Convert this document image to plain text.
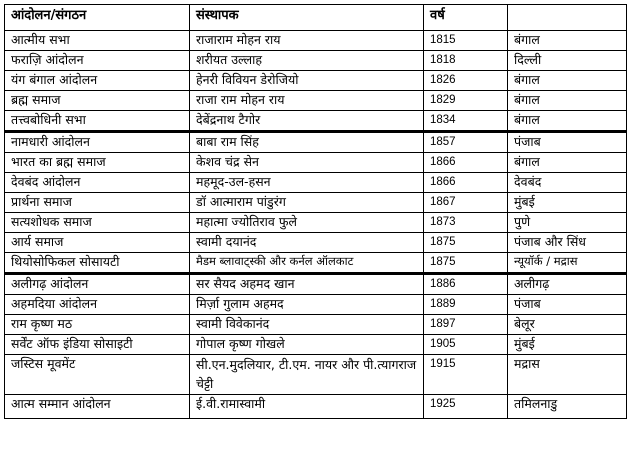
आंदोलन/संगठन	संस्थापक	वर्ष	
आत्मीय सभा	राजाराम मोहन राय	1815	बंगाल
फराज़ि आंदोलन	शरीयत उल्लाह	1818	दिल्ली
यंग बंगाल आंदोलन	हेनरी विवियन डेरोजियो	1826	बंगाल
ब्रह्म समाज	राजा राम मोहन राय	1829	बंगाल
तत्त्वबोधिनी सभा	देबेंद्रनाथ टैगोर	1834	बंगाल
नामधारी आंदोलन	बाबा राम सिंह	1857	पंजाब
भारत का ब्रह्म समाज	केशव चंद्र सेन	1866	बंगाल
देवबंद आंदोलन	महमूद-उल-हसन	1866	देवबंद
प्रार्थना समाज	डॉ आत्माराम पांडुरंग	1867	मुंबई
सत्यशोधक समाज	महात्मा ज्योतिराव फुले	1873	पुणे
आर्य समाज	स्वामी दयानंद	1875	पंजाब और सिंध
थियोसोफिकल सोसायटी	मैडम ब्लावाट्स्की और कर्नल ऑलकाट	1875	न्यूयॉर्क / मद्रास
अलीगढ़ आंदोलन	सर सैयद अहमद खान	1886	अलीगढ़
अहमदिया आंदोलन	मिर्ज़ा गुलाम अहमद	1889	पंजाब
राम कृष्ण मठ	स्वामी विवेकानंद	1897	बेलूर
सर्वेंट ऑफ इंडिया सोसाइटी	गोपाल कृष्ण गोखले	1905	मुंबई
जस्टिस मूवमेंट	सी.एन.मुदलियार, टी.एम. नायर और पी.त्यागराज चेट्टी	1915	मद्रास
आत्म सम्मान आंदोलन	ई.वी.रामास्वामी	1925	तमिलनाडु
